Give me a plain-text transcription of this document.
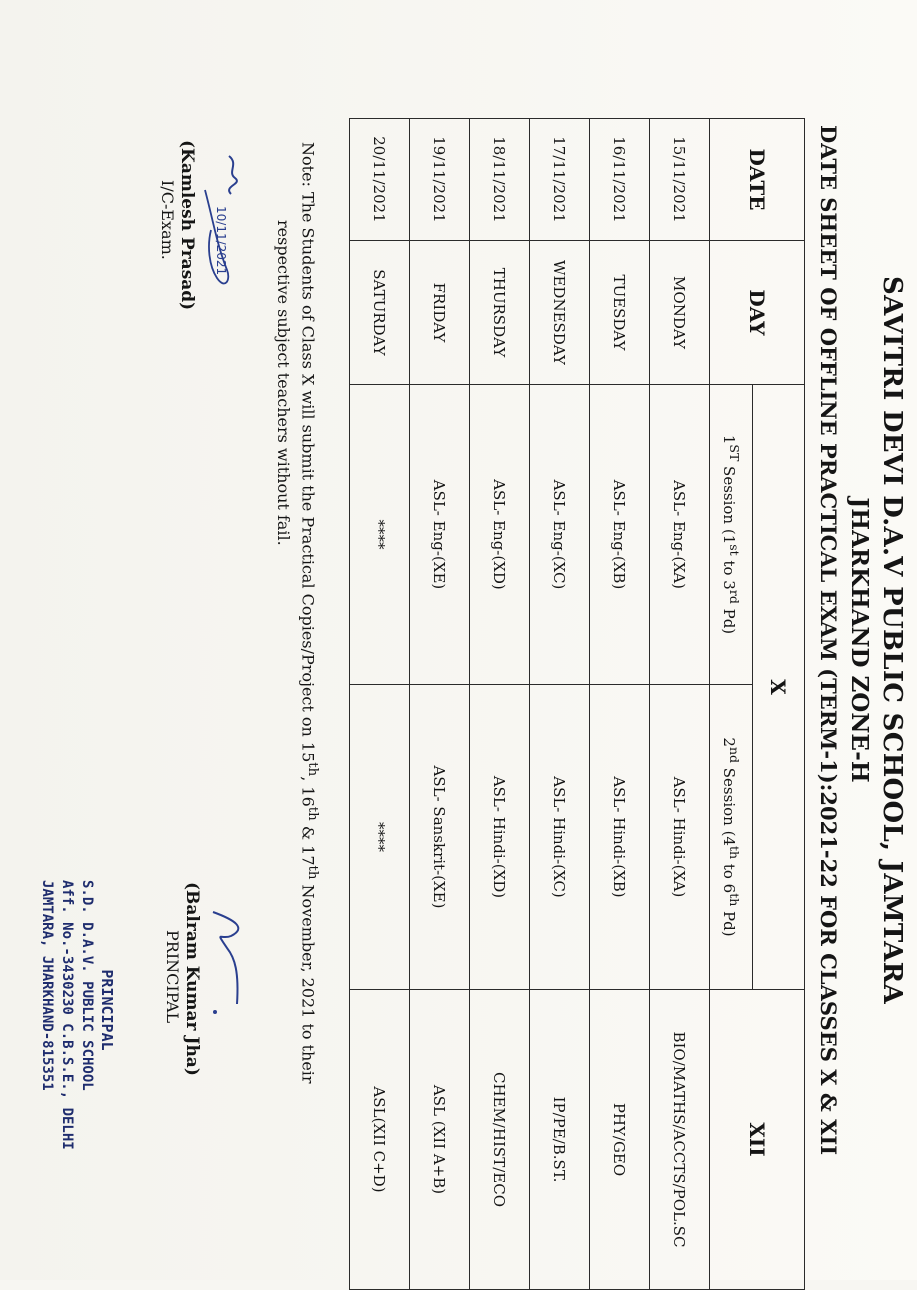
SAVITRI DEVI D.A.V PUBLIC SCHOOL, JAMTARA
JHARKHAND ZONE-H
DATE SHEET OF OFFLINE PRACTICAL EXAM (TERM-1):2021-22 FOR CLASSES X & XII
DATE	DAY	X		XII
		1ST Session (1st to 3rd Pd)	2nd Session (4th to 6th Pd)	
15/11/2021	MONDAY	ASL- Eng-(XA)	ASL- Hindi-(XA)	BIO/MATHS/ACCTS/POL.SC
16/11/2021	TUESDAY	ASL- Eng-(XB)	ASL- Hindi-(XB)	PHY/GEO
17/11/2021	WEDNESDAY	ASL- Eng-(XC)	ASL- Hindi-(XC)	IP/PE/B.ST.
18/11/2021	THURSDAY	ASL- Eng-(XD)	ASL- Hindi-(XD)	CHEM/HIST/ECO
19/11/2021	FRIDAY	ASL- Eng-(XE)	ASL- Sanskrit-(XE)	ASL (XII A+B)
20/11/2021	SATURDAY	****	****	ASL(XII C+D)
Note: The Students of Class X will submit the Practical Copies/Project on 15th, 16th & 17th November, 2021 to their
respective subject teachers without fail.
10/11/2021
(Kamlesh Prasad)
I/C-Exam.
(Balram Kumar Jha)
PRINCIPAL
PRINCIPAL
S.D. D.A.V. PUBLIC SCHOOL
Aff. No.-3430230 C.B.S.E., DELHI
JAMTARA, JHARKHAND-815351
